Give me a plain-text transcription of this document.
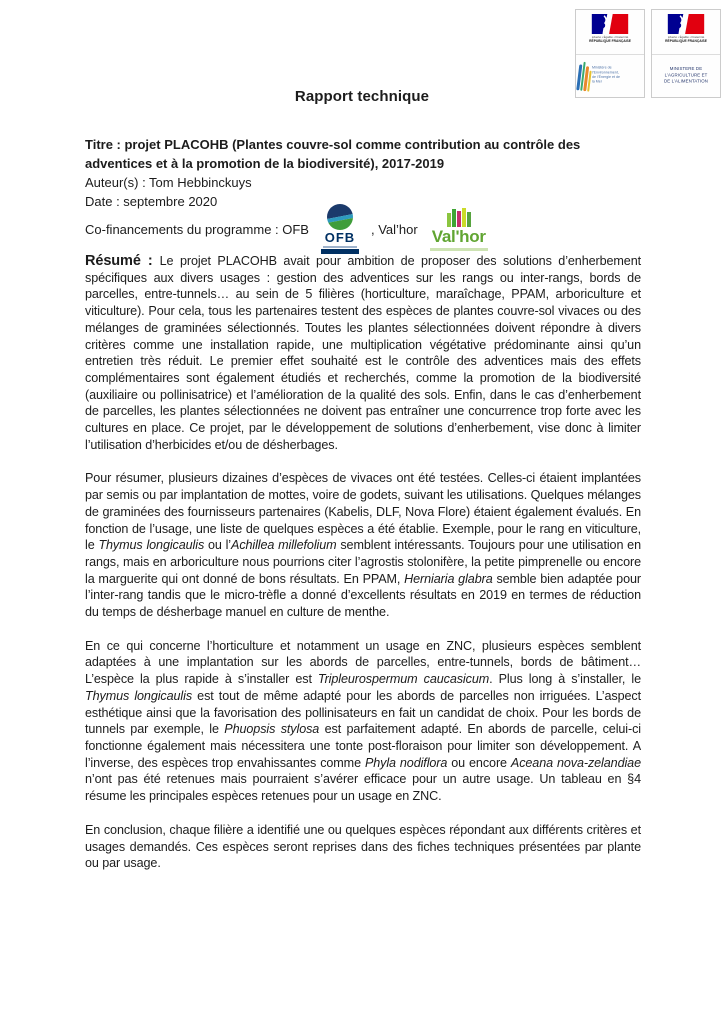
Liberté • Égalité • Fraternité
RÉPUBLIQUE FRANÇAISE
Ministère de l’Environnement, de l’Énergie et de la Mer
Liberté • Égalité • Fraternité
RÉPUBLIQUE FRANÇAISE
MINISTÈRE DE L’AGRICULTURE ET DE L’ALIMENTATION
Rapport technique

Titre : projet PLACOHB (Plantes couvre-sol comme contribution au contrôle des adventices et à la promotion de la biodiversité), 2017-2019

Auteur(s) : Tom Hebbinckuys

Date : septembre 2020

Co-financements du programme : OFB
OFB
, Val’hor Val'hor

Résumé : Le projet PLACOHB avait pour ambition de proposer des solutions d’enherbement spécifiques aux divers usages : gestion des adventices sur les rangs ou inter-rangs, bords de parcelles, entre-tunnels… au sein de 5 filières (horticulture, maraîchage, PPAM, arboriculture et viticulture). Pour cela, tous les partenaires testent des espèces de plantes couvre-sol vivaces ou des mélanges de graminées sélectionnés. Toutes les plantes sélectionnées doivent répondre à divers critères comme une installation rapide, une multiplication végétative prédominante ainsi qu’un entretien très réduit. Le premier effet souhaité est le contrôle des adventices mais des effets complémentaires sont également étudiés et recherchés, comme la promotion de la biodiversité (auxiliaire ou pollinisatrice) et l’amélioration de la qualité des sols. Enfin, dans le cas d’enherbement de parcelles, les plantes sélectionnées ne doivent pas entraîner une concurrence trop forte avec les cultures en place. Ce projet, par le développement de solutions d’enherbement, vise donc à limiter l’utilisation d’herbicides et/ou de désherbages.

Pour résumer, plusieurs dizaines d’espèces de vivaces ont été testées. Celles-ci étaient implantées par semis ou par implantation de mottes, voire de godets, suivant les utilisations. Quelques mélanges de graminées des fournisseurs partenaires (Kabelis, DLF, Nova Flore) étaient également évalués. En fonction de l’usage, une liste de quelques espèces a été établie. Exemple, pour le rang en viticulture, le Thymus longicaulis ou l’Achillea millefolium semblent intéressants. Toujours pour une utilisation en rangs, mais en arboriculture nous pourrions citer l’agrostis stolonifère, la petite pimprenelle ou encore la marguerite qui ont donné de bons résultats. En PPAM, Herniaria glabra semble bien adaptée pour l’inter-rang tandis que le micro-trèfle a donné d’excellents résultats en 2019 en termes de réduction du temps de désherbage manuel en culture de menthe.

En ce qui concerne l’horticulture et notamment un usage en ZNC, plusieurs espèces semblent adaptées à une implantation sur les abords de parcelles, entre-tunnels, bords de bâtiment… L’espèce la plus rapide à s’installer est Tripleurospermum caucasicum. Plus long à s’installer, le Thymus longicaulis est tout de même adapté pour les abords de parcelles non irriguées. L’aspect esthétique ainsi que la favorisation des pollinisateurs en fait un candidat de choix. Pour les bords de tunnels par exemple, le Phuopsis stylosa est parfaitement adapté. En abords de parcelle, celui-ci fonctionne également mais nécessitera une tonte post-floraison pour limiter son développement. A l’inverse, des espèces trop envahissantes comme Phyla nodiflora ou encore Aceana nova-zelandiae n’ont pas été retenues mais pourraient s’avérer efficace pour un autre usage. Un tableau en §4 résume les principales espèces retenues pour un usage en ZNC.

En conclusion, chaque filière a identifié une ou quelques espèces répondant aux différents critères et usages demandés. Ces espèces seront reprises dans des fiches techniques présentées par plante ou par usage.
